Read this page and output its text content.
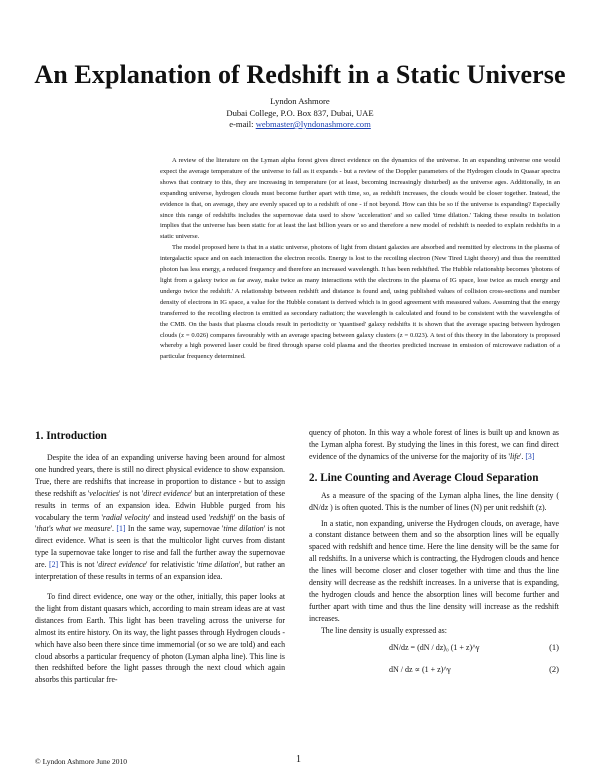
An Explanation of Redshift in a Static Universe
Lyndon Ashmore
Dubai College, P.O. Box 837, Dubai, UAE
e-mail: webmaster@lyndonashmore.com

A review of the literature on the Lyman alpha forest gives direct evidence on the dynamics of the universe. In an expanding universe one would expect the average temperature of the universe to fall as it expands - but a review of the Doppler parameters of the Hydrogen clouds in Quasar spectra shows that contrary to this, they are increasing in temperature (or at least, becoming increasingly disturbed) as the universe ages. Additionally, in an expanding universe, hydrogen clouds must become further apart with time, so, as redshift increases, the clouds would be closer together. Instead, the evidence is that, on average, they are evenly spaced up to a redshift of one - if not beyond. How can this be so if the universe is expanding? Especially since this range of redshifts includes the supernovae data used to show 'acceleration' and so called 'time dilation.' Taking these results in isolation implies that the universe has been static for at least the last billion years or so and therefore a new model of redshift is needed to explain redshifts in a static universe.

The model proposed here is that in a static universe, photons of light from distant galaxies are absorbed and reemitted by electrons in the plasma of intergalactic space and on each interaction the electron recoils. Energy is lost to the recoiling electron (New Tired Light theory) and thus the reemitted photon has less energy, a reduced frequency and therefore an increased wavelength. It has been redshifted. The Hubble relationship becomes 'photons of light from a galaxy twice as far away, make twice as many interactions with the electrons in the plasma of IG space, lose twice as much energy and undergo twice the redshift.' A relationship between redshift and distance is found and, using published values of collision cross-sections and number density of electrons in IG space, a value for the Hubble constant is derived which is in good agreement with measured values. Assuming that the energy transferred to the recoiling electron is emitted as secondary radiation; the wavelength is calculated and found to be consistent with the wavelengths of the CMB. On the basis that plasma clouds result in periodicity or 'quantised' galaxy redshifts it is shown that the average spacing between hydrogen clouds (z = 0.026) compares favourably with an average spacing between galaxy clusters (z = 0.023). A test of this theory in the laboratory is proposed whereby a high powered laser could be fired through sparse cold plasma and the theories predicted increase in emission of microwave radiation of a particular frequency determined.

1. Introduction

Despite the idea of an expanding universe having been around for almost one hundred years, there is still no direct physical evidence to show expansion. True, there are redshifts that increase in proportion to distance - but to assign these redshift as 'velocities' is not 'direct evidence' but an interpretation of these results in terms of an expansion idea. Edwin Hubble purged from his vocabulary the term 'radial velocity' and instead used 'redshift' on the basis of 'that's what we measure'. [1] In the same way, supernovae 'time dilation' is not direct evidence. What is seen is that the multicolor light curves from distant type Ia supernovae take longer to rise and fall the further away the supernovae are. [2] This is not 'direct evidence' for relativistic 'time dilation', but rather an interpretation of these results in terms of an expansion idea.

To find direct evidence, one way or the other, initially, this paper looks at the light from distant quasars which, according to main stream ideas are at vast distances from Earth. This light has been traveling across the universe for almost its entire history. On its way, the light passes through Hydrogen clouds - which have also been there since time immemorial (or so we are told) and each cloud absorbs a particular frequency of photon (Lyman alpha line). This line is then redshifted before the light passes through the next cloud which again absorbs this particular fre-

quency of photon. In this way a whole forest of lines is built up and known as the Lyman alpha forest. By studying the lines in this forest, we can find direct evidence of the dynamics of the universe for the majority of its 'life'. [3]

2. Line Counting and Average Cloud Separation

As a measure of the spacing of the Lyman alpha lines, the line density ( dN/dz ) is often quoted. This is the number of lines (N) per unit redshift (z).

In a static, non expanding, universe the Hydrogen clouds, on average, have a constant distance between them and so the absorption lines will be equally spaced with redshift and hence time. Here the line density will be the same for all redshifts. In a universe which is contracting, the Hydrogen clouds and hence the lines will become closer and closer together with time and thus the line density will decrease as the redshift increases. In a universe that is expanding, the hydrogen clouds and hence the absorption lines will become further and further apart with time and thus the line density will increase as the redshift increases.

The line density is usually expressed as:

dN/dz = (dN / dz)₀ (1 + z)^γ	(1)
dN / dz ∝ (1 + z)^γ	(2)
© Lyndon Ashmore June 2010	1
